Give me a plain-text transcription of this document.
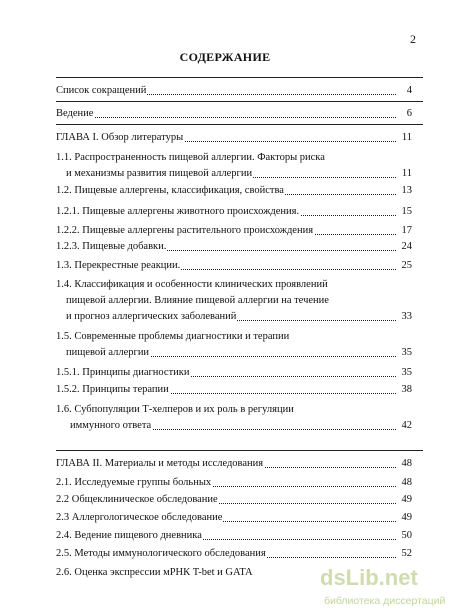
2
СОДЕРЖАНИЕ
Список сокращений	4
Ведение	6
ГЛАВА I. Обзор литературы	11
1.1. Распространенность пищевой аллергии. Факторы риска
и механизмы развития пищевой аллергии	11
1.2. Пищевые аллергены, классификация, свойства	13
1.2.1. Пищевые аллергены животного происхождения.	15
1.2.2. Пищевые аллергены растительного происхождения	17
1.2.3. Пищевые добавки.	24
1.3. Перекрестные реакции.	25
1.4. Классификация и особенности клинических проявлений
пищевой аллергии. Влияние пищевой аллергии на течение
и прогноз аллергических заболеваний	33
1.5. Современные проблемы диагностики и терапии
пищевой аллергии	35
1.5.1. Принципы диагностики	35
1.5.2. Принципы терапии	38
1.6. Субпопуляции Т-хелперов и их роль в регуляции
иммунного ответа	42
ГЛАВА II. Материалы и методы исследования	48
2.1. Исследуемые группы больных	48
2.2 Общеклиническое обследование	49
2.3 Аллергологическое обследование	49
2.4. Ведение пищевого дневника	50
2.5. Методы иммунологического обследования	52
2.6. Оценка экспрессии мРНК T-bet и GATA	dsLib.net
библиотека диссертаций
